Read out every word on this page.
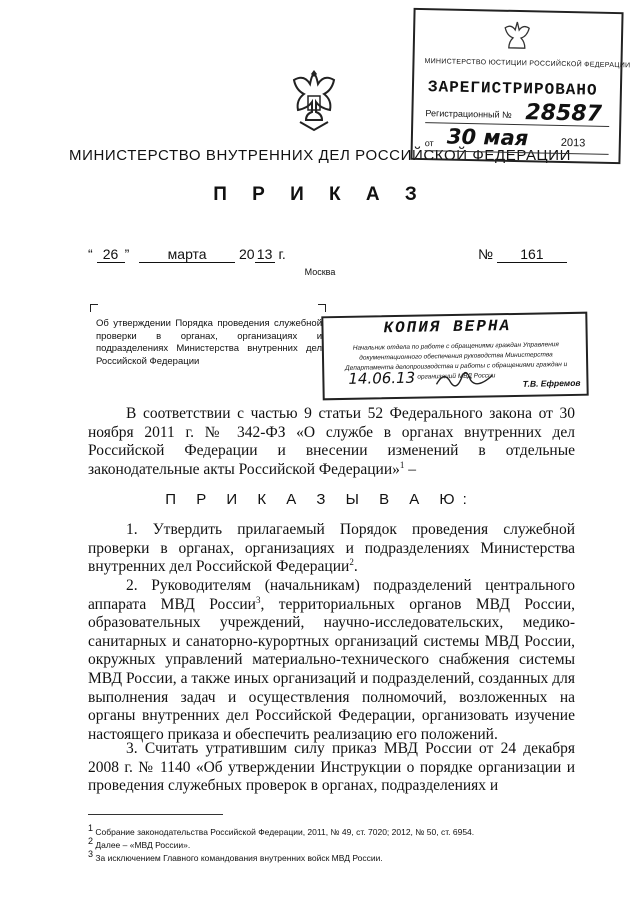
МИНИСТЕРСТВО ВНУТРЕННИХ ДЕЛ РОССИЙСКОЙ ФЕДЕРАЦИИ
П Р И К А З
“ 26 ”	марта 20 13 г.	№ 161
Москва
Об утверждении Порядка проведения служебной проверки в органах, организациях и подразделениях Министерства внутренних дел Российской Федерации
МИНИСТЕРСТВО ЮСТИЦИИ РОССИЙСКОЙ ФЕДЕРАЦИИ
ЗАРЕГИСТРИРОВАНО
Регистрационный № 28587
от 30 мая	2013
КОПИЯ ВЕРНА
Начальник отдела по работе с обращениями граждан Управления документационного обеспечения руководства Министерства Департамента делопроизводства и работы с обращениями граждан и организаций МВД России
14.06.13	Т.В. Ефремов
В соответствии с частью 9 статьи 52 Федерального закона от 30 ноября 2011 г. № 342-ФЗ «О службе в органах внутренних дел Российской Федерации и внесении изменений в отдельные законодательные акты Российской Федерации»$^1$ –
П Р И К А З Ы В А Ю:
1. Утвердить прилагаемый Порядок проведения служебной проверки в органах, организациях и подразделениях Министерства внутренних дел Российской Федерации$^2$.
2. Руководителям (начальникам) подразделений центрального аппарата МВД России$^3$, территориальных органов МВД России, образовательных учреждений, научно-исследовательских, медико-санитарных и санаторно-курортных организаций системы МВД России, окружных управлений материально-технического снабжения системы МВД России, а также иных организаций и подразделений, созданных для выполнения задач и осуществления полномочий, возложенных на органы внутренних дел Российской Федерации, организовать изучение настоящего приказа и обеспечить реализацию его положений.
3. Считать утратившим силу приказ МВД России от 24 декабря 2008 г. № 1140 «Об утверждении Инструкции о порядке организации и проведения служебных проверок в органах, подразделениях и
$^1$ Собрание законодательства Российской Федерации, 2011, № 49, ст. 7020; 2012, № 50, ст. 6954.
$^2$ Далее – «МВД России».
$^3$ За исключением Главного командования внутренних войск МВД России.
